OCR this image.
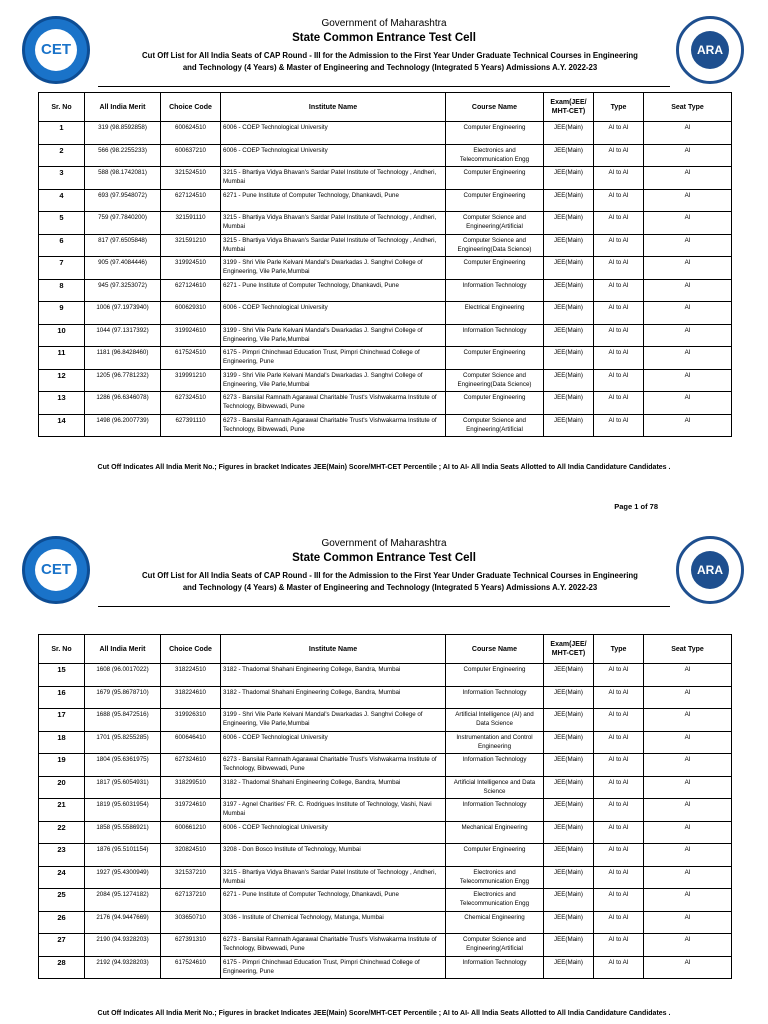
CET	ARA
Government of Maharashtra
State Common Entrance Test Cell
Cut Off List for All India Seats of CAP Round - III for the Admission to the First Year Under Graduate Technical Courses in Engineering
and Technology (4 Years) & Master of Engineering and Technology (Integrated 5 Years) Admissions A.Y. 2022-23
Sr. No	All India Merit	Choice Code	Institute Name	Course Name	Exam(JEE/ MHT-CET)	Type	Seat Type
1	319 (98.8592858)	600624510	6006 - COEP Technological University	Computer Engineering	JEE(Main)	AI to AI	AI
2	566 (98.2255233)	600637210	6006 - COEP Technological University	Electronics and Telecommunication Engg	JEE(Main)	AI to AI	AI
3	588 (98.1742081)	321524510	3215 - Bhartiya Vidya Bhavan's Sardar Patel Institute of Technology , Andheri, Mumbai	Computer Engineering	JEE(Main)	AI to AI	AI
4	693 (97.9548072)	627124510	6271 - Pune Institute of Computer Technology, Dhankavdi, Pune	Computer Engineering	JEE(Main)	AI to AI	AI
5	759 (97.7840200)	321591110	3215 - Bhartiya Vidya Bhavan's Sardar Patel Institute of Technology , Andheri, Mumbai	Computer Science and Engineering(Artificial	JEE(Main)	AI to AI	AI
6	817 (97.6505848)	321591210	3215 - Bhartiya Vidya Bhavan's Sardar Patel Institute of Technology , Andheri, Mumbai	Computer Science and Engineering(Data Science)	JEE(Main)	AI to AI	AI
7	905 (97.4084446)	319924510	3199 - Shri Vile Parle Kelvani Mandal's Dwarkadas J. Sanghvi College of Engineering, Vile Parle,Mumbai	Computer Engineering	JEE(Main)	AI to AI	AI
8	945 (97.3253072)	627124610	6271 - Pune Institute of Computer Technology, Dhankavdi, Pune	Information Technology	JEE(Main)	AI to AI	AI
9	1006 (97.1973940)	600629310	6006 - COEP Technological University	Electrical Engineering	JEE(Main)	AI to AI	AI
10	1044 (97.1317392)	319924610	3199 - Shri Vile Parle Kelvani Mandal's Dwarkadas J. Sanghvi College of Engineering, Vile Parle,Mumbai	Information Technology	JEE(Main)	AI to AI	AI
11	1181 (96.8428460)	617524510	6175 - Pimpri Chinchwad Education Trust, Pimpri Chinchwad College of Engineering, Pune	Computer Engineering	JEE(Main)	AI to AI	AI
12	1205 (96.7781232)	319991210	3199 - Shri Vile Parle Kelvani Mandal's Dwarkadas J. Sanghvi College of Engineering, Vile Parle,Mumbai	Computer Science and Engineering(Data Science)	JEE(Main)	AI to AI	AI
13	1286 (96.6346078)	627324510	6273 - Bansilal Ramnath Agarawal Charitable Trust's Vishwakarma Institute of Technology, Bibwewadi, Pune	Computer Engineering	JEE(Main)	AI to AI	AI
14	1498 (96.2007739)	627391110	6273 - Bansilal Ramnath Agarawal Charitable Trust's Vishwakarma Institute of Technology, Bibwewadi, Pune	Computer Science and Engineering(Artificial	JEE(Main)	AI to AI	AI
Cut Off Indicates All India Merit No.; Figures in bracket Indicates JEE(Main) Score/MHT-CET Percentile ; AI to AI- All India Seats Allotted to All India Candidature Candidates .
Page 1 of 78
CET	ARA
Government of Maharashtra
State Common Entrance Test Cell
Cut Off List for All India Seats of CAP Round - III for the Admission to the First Year Under Graduate Technical Courses in Engineering
and Technology (4 Years) & Master of Engineering and Technology (Integrated 5 Years) Admissions A.Y. 2022-23
Sr. No	All India Merit	Choice Code	Institute Name	Course Name	Exam(JEE/ MHT-CET)	Type	Seat Type
15	1608 (96.0017022)	318224510	3182 - Thadomal Shahani Engineering College, Bandra, Mumbai	Computer Engineering	JEE(Main)	AI to AI	AI
16	1679 (95.8678710)	318224610	3182 - Thadomal Shahani Engineering College, Bandra, Mumbai	Information Technology	JEE(Main)	AI to AI	AI
17	1688 (95.8472516)	319926310	3199 - Shri Vile Parle Kelvani Mandal's Dwarkadas J. Sanghvi College of Engineering, Vile Parle,Mumbai	Artificial Intelligence (AI) and Data Science	JEE(Main)	AI to AI	AI
18	1701 (95.8255285)	600646410	6006 - COEP Technological University	Instrumentation and Control Engineering	JEE(Main)	AI to AI	AI
19	1804 (95.6361975)	627324610	6273 - Bansilal Ramnath Agarawal Charitable Trust's Vishwakarma Institute of Technology, Bibwewadi, Pune	Information Technology	JEE(Main)	AI to AI	AI
20	1817 (95.6054931)	318299510	3182 - Thadomal Shahani Engineering College, Bandra, Mumbai	Artificial Intelligence and Data Science	JEE(Main)	AI to AI	AI
21	1819 (95.6031954)	319724610	3197 - Agnel Charities' FR. C. Rodrigues Institute of Technology, Vashi, Navi Mumbai	Information Technology	JEE(Main)	AI to AI	AI
22	1858 (95.5586921)	600661210	6006 - COEP Technological University	Mechanical Engineering	JEE(Main)	AI to AI	AI
23	1876 (95.5101154)	320824510	3208 - Don Bosco Institute of Technology, Mumbai	Computer Engineering	JEE(Main)	AI to AI	AI
24	1927 (95.4300949)	321537210	3215 - Bhartiya Vidya Bhavan's Sardar Patel Institute of Technology , Andheri, Mumbai	Electronics and Telecommunication Engg	JEE(Main)	AI to AI	AI
25	2084 (95.1274182)	627137210	6271 - Pune Institute of Computer Technology, Dhankavdi, Pune	Electronics and Telecommunication Engg	JEE(Main)	AI to AI	AI
26	2176 (94.9447669)	303650710	3036 - Institute of Chemical Technology, Matunga, Mumbai	Chemical Engineering	JEE(Main)	AI to AI	AI
27	2190 (94.9328203)	627391310	6273 - Bansilal Ramnath Agarawal Charitable Trust's Vishwakarma Institute of Technology, Bibwewadi, Pune	Computer Science and Engineering(Artificial	JEE(Main)	AI to AI	AI
28	2192 (94.9328203)	617524610	6175 - Pimpri Chinchwad Education Trust, Pimpri Chinchwad College of Engineering, Pune	Information Technology	JEE(Main)	AI to AI	AI
Cut Off Indicates All India Merit No.; Figures in bracket Indicates JEE(Main) Score/MHT-CET Percentile ; AI to AI- All India Seats Allotted to All India Candidature Candidates .
